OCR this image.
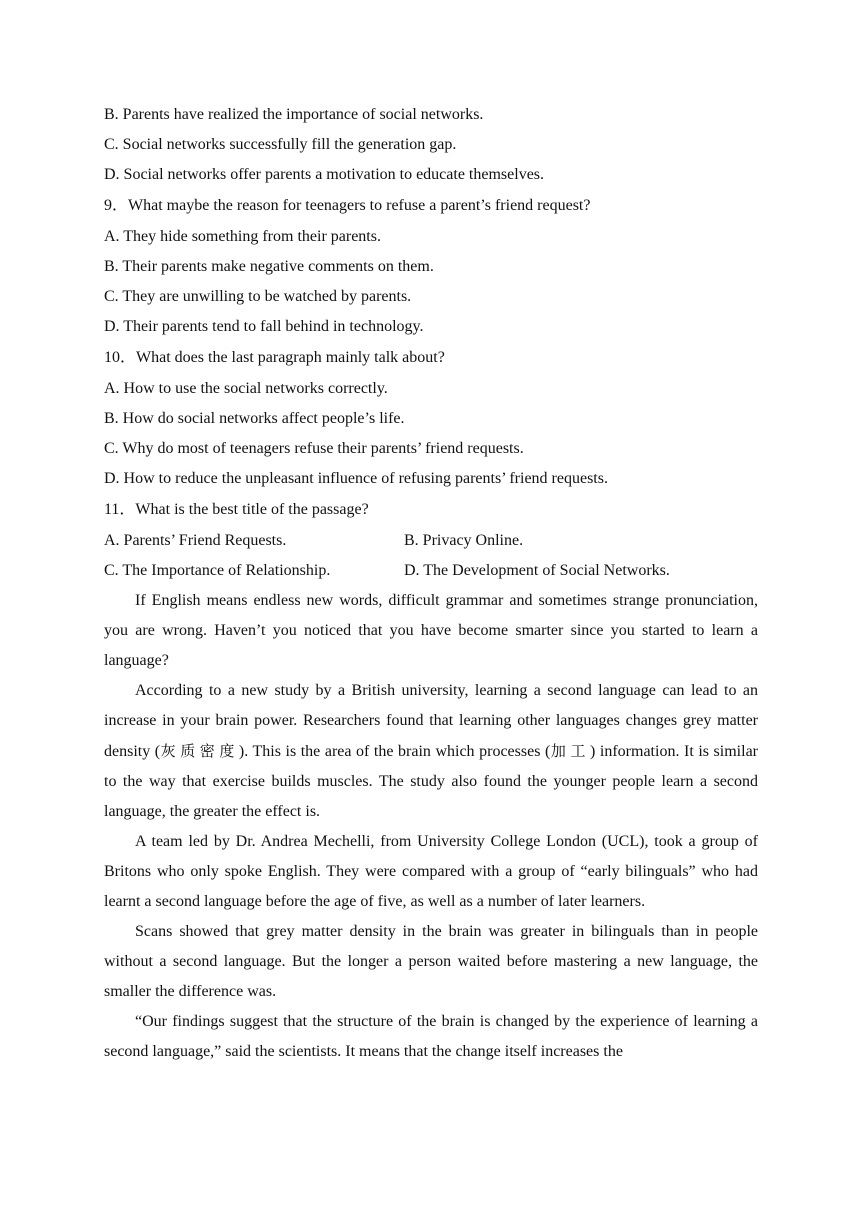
B. Parents have realized the importance of social networks.
C. Social networks successfully fill the generation gap.
D. Social networks offer parents a motivation to educate themselves.
9．What maybe the reason for teenagers to refuse a parent’s friend request?
A. They hide something from their parents.
B. Their parents make negative comments on them.
C. They are unwilling to be watched by parents.
D. Their parents tend to fall behind in technology.
10．What does the last paragraph mainly talk about?
A. How to use the social networks correctly.
B. How do social networks affect people’s life.
C. Why do most of teenagers refuse their parents’ friend requests.
D. How to reduce the unpleasant influence of refusing parents’ friend requests.
11．What is the best title of the passage?
A. Parents’ Friend Requests.	B. Privacy Online.
C. The Importance of Relationship.	D. The Development of Social Networks.

If English means endless new words, difficult grammar and sometimes strange pronunciation, you are wrong. Haven’t you noticed that you have become smarter since you started to learn a language?

According to a new study by a British university, learning a second language can lead to an increase in your brain power. Researchers found that learning other languages changes grey matter density (灰质密度). This is the area of the brain which processes (加工) information. It is similar to the way that exercise builds muscles. The study also found the younger people learn a second language, the greater the effect is.

A team led by Dr. Andrea Mechelli, from University College London (UCL), took a group of Britons who only spoke English. They were compared with a group of “early bilinguals” who had learnt a second language before the age of five, as well as a number of later learners.

Scans showed that grey matter density in the brain was greater in bilinguals than in people without a second language. But the longer a person waited before mastering a new language, the smaller the difference was.

“Our findings suggest that the structure of the brain is changed by the experience of learning a second language,” said the scientists. It means that the change itself increases the
